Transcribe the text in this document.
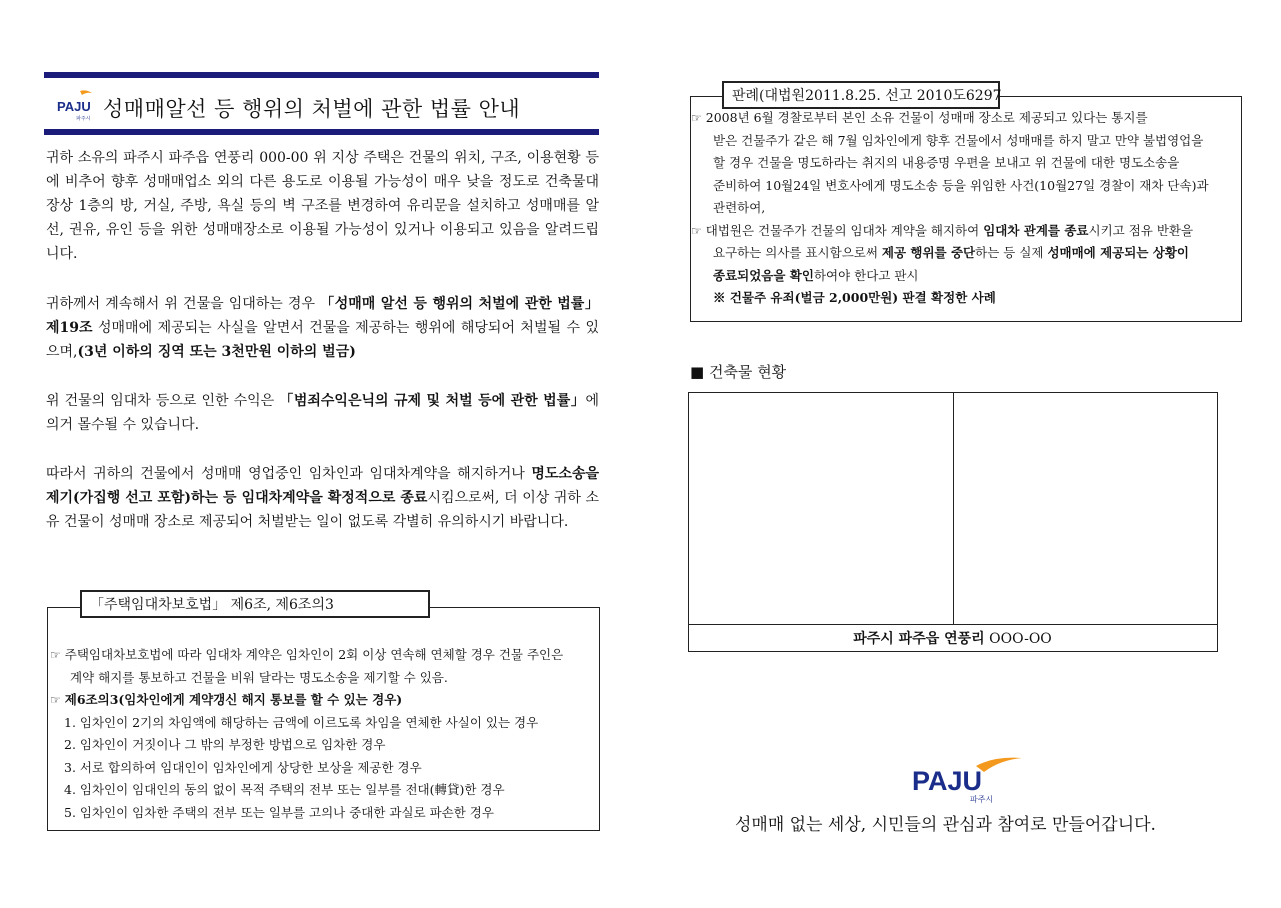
PAJU
파주시 성매매알선 등 행위의 처벌에 관한 법률 안내
귀하 소유의 파주시 파주읍 연풍리 000-00 위 지상 주택은 건물의 위치, 구조, 이용현황 등에 비추어 향후 성매매업소 외의 다른 용도로 이용될 가능성이 매우 낮을 정도로 건축물대장상 1층의 방, 거실, 주방, 욕실 등의 벽 구조를 변경하여 유리문을 설치하고 성매매를 알선, 권유, 유인 등을 위한 성매매장소로 이용될 가능성이 있거나 이용되고 있음을 알려드립니다.
귀하께서 계속해서 위 건물을 임대하는 경우 「성매매 알선 등 행위의 처벌에 관한 법률」 제19조 성매매에 제공되는 사실을 알면서 건물을 제공하는 행위에 해당되어 처벌될 수 있으며,(3년 이하의 징역 또는 3천만원 이하의 벌금)
위 건물의 임대차 등으로 인한 수익은 「범죄수익은닉의 규제 및 처벌 등에 관한 법률」에 의거 몰수될 수 있습니다.
따라서 귀하의 건물에서 성매매 영업중인 임차인과 임대차계약을 해지하거나 명도소송을 제기(가집행 선고 포함)하는 등 임대차계약을 확정적으로 종료시킴으로써, 더 이상 귀하 소유 건물이 성매매 장소로 제공되어 처벌받는 일이 없도록 각별히 유의하시기 바랍니다.
☞ 주택임대차보호법에 따라 임대차 계약은 임차인이 2회 이상 연속해 연체할 경우 건물 주인은
계약 해지를 통보하고 건물을 비워 달라는 명도소송을 제기할 수 있음.
☞ 제6조의3(임차인에게 계약갱신 해지 통보를 할 수 있는 경우)
1. 임차인이 2기의 차임액에 해당하는 금액에 이르도록 차임을 연체한 사실이 있는 경우
2. 임차인이 거짓이나 그 밖의 부정한 방법으로 임차한 경우
3. 서로 합의하여 임대인이 임차인에게 상당한 보상을 제공한 경우
4. 임차인이 임대인의 동의 없이 목적 주택의 전부 또는 일부를 전대(轉貸)한 경우
5. 임차인이 임차한 주택의 전부 또는 일부를 고의나 중대한 과실로 파손한 경우
「주택임대차보호법」 제6조, 제6조의3
☞ 2008년 6월 경찰로부터 본인 소유 건물이 성매매 장소로 제공되고 있다는 통지를
받은 건물주가 같은 해 7월 임차인에게 향후 건물에서 성매매를 하지 말고 만약 불법영업을
할 경우 건물을 명도하라는 취지의 내용증명 우편을 보내고 위 건물에 대한 명도소송을
준비하여 10월24일 변호사에게 명도소송 등을 위임한 사건(10월27일 경찰이 재차 단속)과
관련하여,
☞ 대법원은 건물주가 건물의 임대차 계약을 해지하여 임대차 관계를 종료시키고 점유 반환을
요구하는 의사를 표시함으로써 제공 행위를 중단하는 등 실제 성매매에 제공되는 상황이
종료되었음을 확인하여야 한다고 판시
※ 건물주 유죄(벌금 2,000만원) 판결 확정한 사례
판례(대법원2011.8.25. 선고 2010도6297
■ 건축물 현황
파주시 파주읍 연풍리 OOO-OO
PAJU
파주시
성매매 없는 세상, 시민들의 관심과 참여로 만들어갑니다.
